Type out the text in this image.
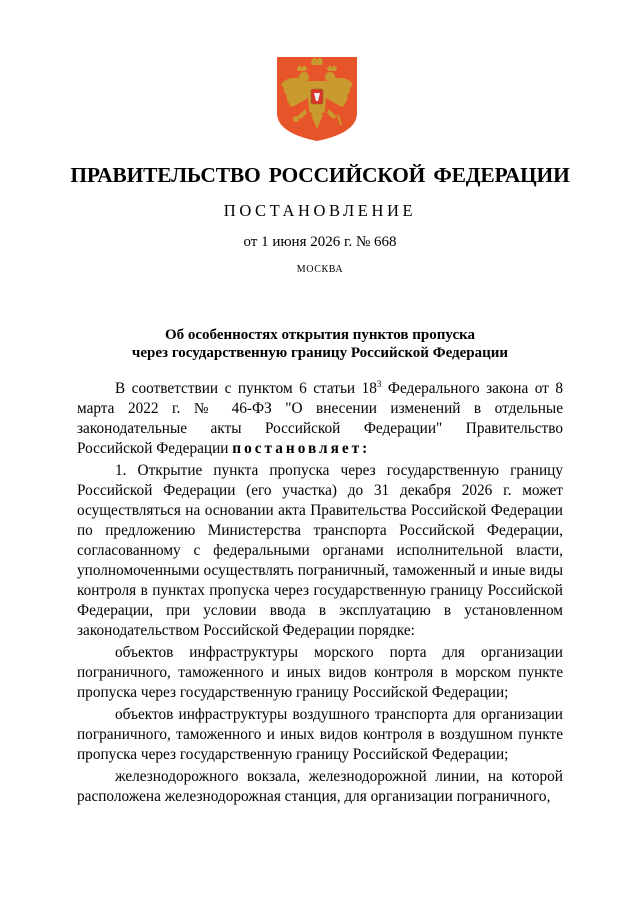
ПРАВИТЕЛЬСТВО РОССИЙСКОЙ ФЕДЕРАЦИИ
ПОСТАНОВЛЕНИЕ
от 1 июня 2026 г. № 668
МОСКВА
Об особенностях открытия пунктов пропуска
через государственную границу Российской Федерации

В соответствии с пунктом 6 статьи $18^3$ Федерального закона от 8 марта 2022 г. № 46-ФЗ "О внесении изменений в отдельные законодательные акты Российской Федерации" Правительство Российской Федерации постановляет:

1. Открытие пункта пропуска через государственную границу Российской Федерации (его участка) до 31 декабря 2026 г. может осуществляться на основании акта Правительства Российской Федерации по предложению Министерства транспорта Российской Федерации, согласованному с федеральными органами исполнительной власти, уполномоченными осуществлять пограничный, таможенный и иные виды контроля в пунктах пропуска через государственную границу Российской Федерации, при условии ввода в эксплуатацию в установленном законодательством Российской Федерации порядке:

объектов инфраструктуры морского порта для организации пограничного, таможенного и иных видов контроля в морском пункте пропуска через государственную границу Российской Федерации;

объектов инфраструктуры воздушного транспорта для организации пограничного, таможенного и иных видов контроля в воздушном пункте пропуска через государственную границу Российской Федерации;

железнодорожного вокзала, железнодорожной линии, на которой расположена железнодорожная станция, для организации пограничного,
